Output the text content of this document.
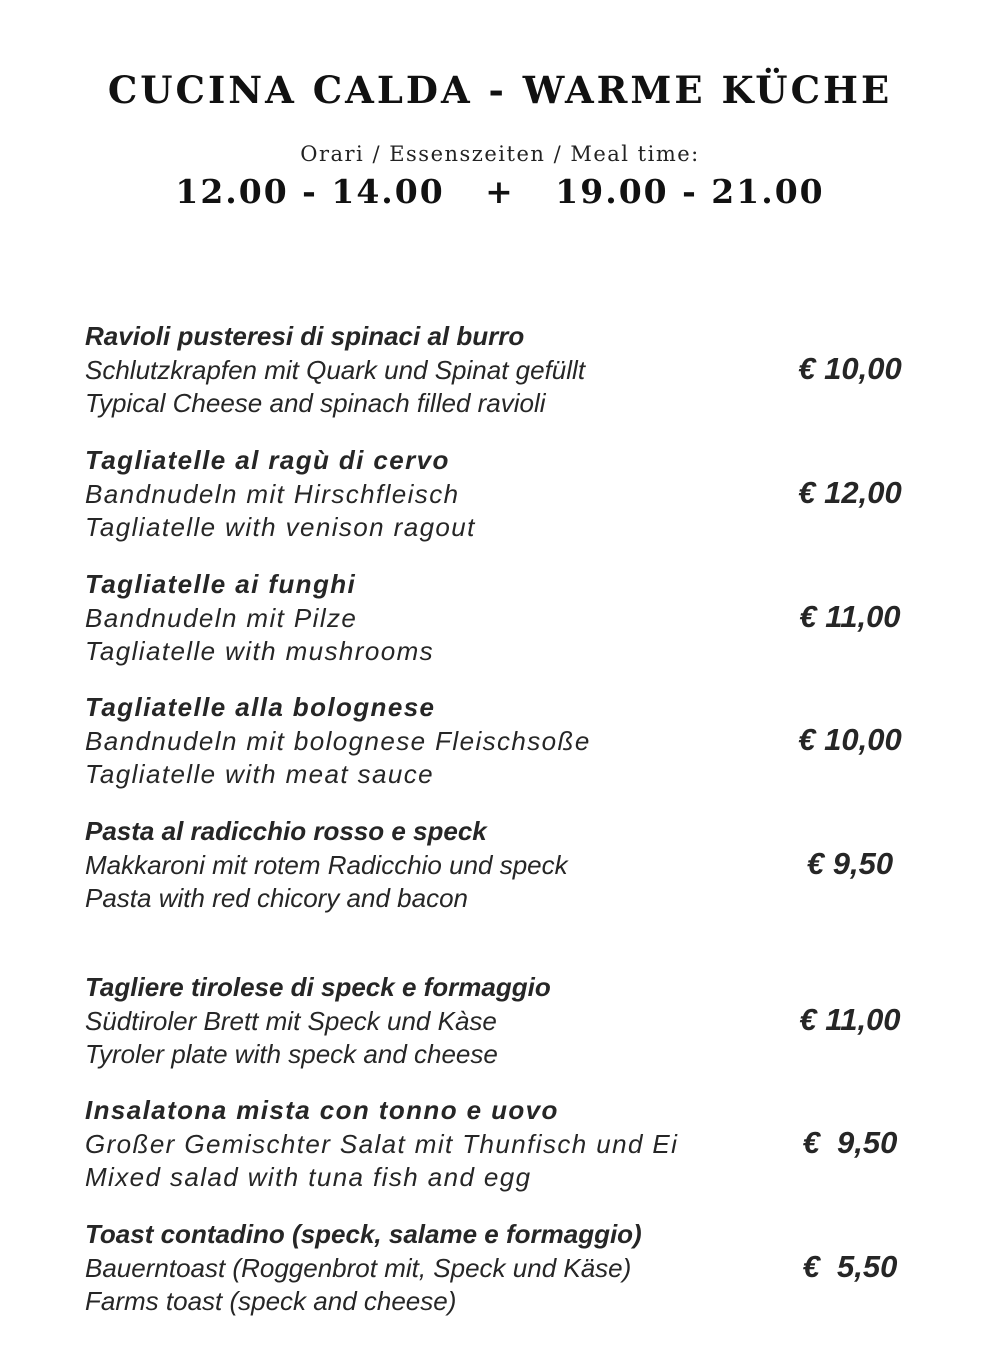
CUCINA CALDA - WARME KÜCHE
Orari / Essenszeiten / Meal time:
12.00 - 14.00   +   19.00 - 21.00
Ravioli pusteresi di spinaci al burro
Schlutzkrapfen mit Quark und Spinat gefüllt
Typical Cheese and spinach filled ravioli
€ 10,00
Tagliatelle al ragù di cervo
Bandnudeln mit Hirschfleisch
Tagliatelle with venison ragout
€ 12,00
Tagliatelle ai funghi
Bandnudeln mit Pilze
Tagliatelle with mushrooms
€ 11,00
Tagliatelle alla bolognese
Bandnudeln mit bolognese Fleischsoße
Tagliatelle with meat sauce
€ 10,00
Pasta al radicchio rosso e speck
Makkaroni mit rotem Radicchio und speck
Pasta with red chicory and bacon
€ 9,50
Tagliere tirolese di speck e formaggio
Südtiroler Brett mit Speck und Kàse
Tyroler plate with speck and cheese
€ 11,00
Insalatona mista con tonno e uovo
Großer Gemischter Salat mit Thunfisch und Ei
Mixed salad with tuna fish and egg
€  9,50
Toast contadino (speck, salame e formaggio)
Bauerntoast (Roggenbrot mit, Speck und Käse)
Farms toast (speck and cheese)
€  5,50
